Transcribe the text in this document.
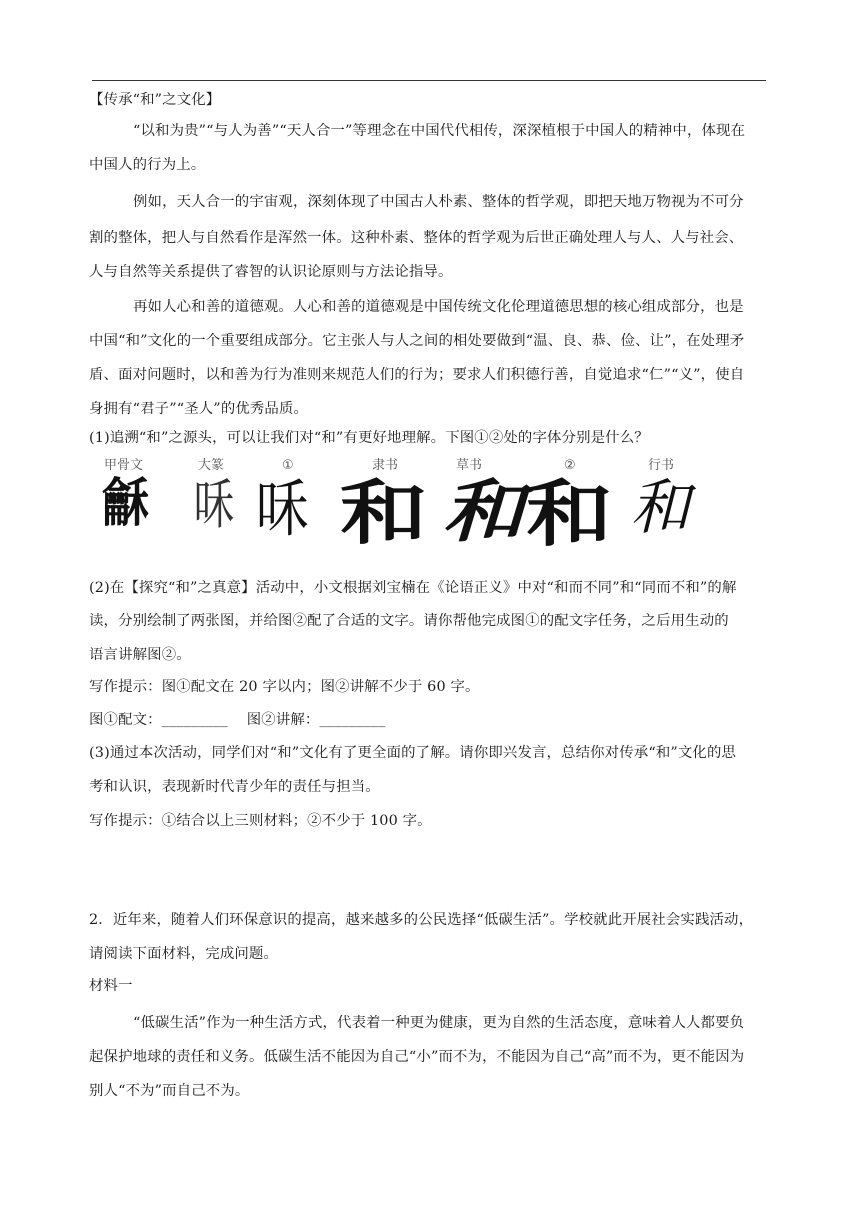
【传承“和”之文化】
“以和为贵”“与人为善”“天人合一”等理念在中国代代相传，深深植根于中国人的精神中，体现在
中国人的行为上。
例如，天人合一的宇宙观，深刻体现了中国古人朴素、整体的哲学观，即把天地万物视为不可分
割的整体，把人与自然看作是浑然一体。这种朴素、整体的哲学观为后世正确处理人与人、人与社会、
人与自然等关系提供了睿智的认识论原则与方法论指导。
再如人心和善的道德观。人心和善的道德观是中国传统文化伦理道德思想的核心组成部分，也是
中国“和”文化的一个重要组成部分。它主张人与人之间的相处要做到“温、良、恭、俭、让”，在处理矛
盾、面对问题时，以和善为行为准则来规范人们的行为；要求人们积德行善，自觉追求“仁”“义”，使自
身拥有“君子”“圣人”的优秀品质。
(1)追溯“和”之源头，可以让我们对“和”有更好地理解。下图①②处的字体分别是什么？
甲骨文	大篆	①	隶书	草书	②	行书
龢 咊 咊 和 和 和 和
(2)在【探究“和”之真意】活动中，小文根据刘宝楠在《论语正义》中对“和而不同”和“同而不和”的解
读，分别绘制了两张图，并给图②配了合适的文字。请你帮他完成图①的配文字任务，之后用生动的
语言讲解图②。
写作提示：图①配文在 20 字以内；图②讲解不少于 60 字。
图①配文：_________ 图②讲解：_________
(3)通过本次活动，同学们对“和”文化有了更全面的了解。请你即兴发言，总结你对传承“和”文化的思
考和认识，表现新时代青少年的责任与担当。
写作提示：①结合以上三则材料；②不少于 100 字。
2．近年来，随着人们环保意识的提高，越来越多的公民选择“低碳生活”。学校就此开展社会实践活动，
请阅读下面材料，完成问题。
材料一
“低碳生活”作为一种生活方式，代表着一种更为健康，更为自然的生活态度，意味着人人都要负
起保护地球的责任和义务。低碳生活不能因为自己“小”而不为，不能因为自己“高”而不为，更不能因为
别人“不为”而自己不为。
